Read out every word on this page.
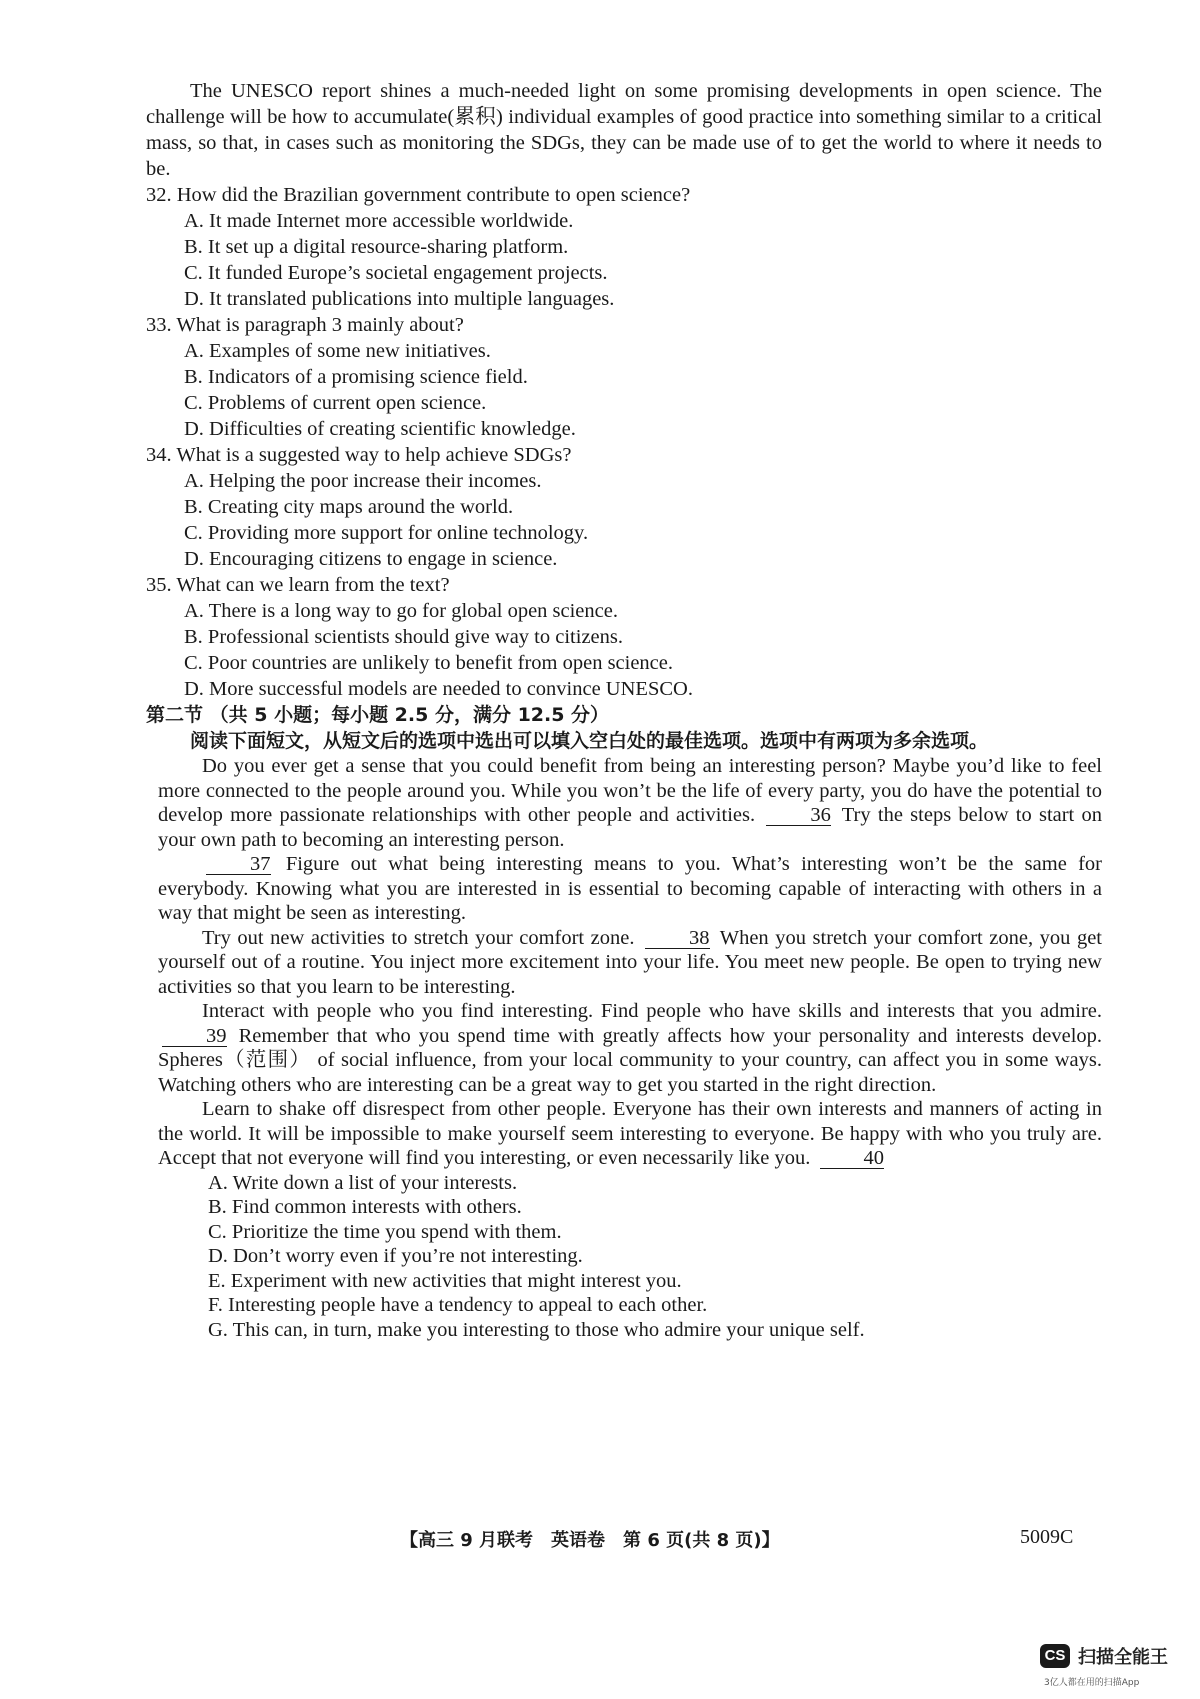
The UNESCO report shines a much-needed light on some promising developments in open science. The challenge will be how to accumulate(累积) individual examples of good practice into something similar to a critical mass, so that, in cases such as monitoring the SDGs, they can be made use of to get the world to where it needs to be.

32. How did the Brazilian government contribute to open science?
A. It made Internet more accessible worldwide.
B. It set up a digital resource-sharing platform.
C. It funded Europe’s societal engagement projects.
D. It translated publications into multiple languages.
33. What is paragraph 3 mainly about?
A. Examples of some new initiatives.
B. Indicators of a promising science field.
C. Problems of current open science.
D. Difficulties of creating scientific knowledge.
34. What is a suggested way to help achieve SDGs?
A. Helping the poor increase their incomes.
B. Creating city maps around the world.
C. Providing more support for online technology.
D. Encouraging citizens to engage in science.
35. What can we learn from the text?
A. There is a long way to go for global open science.
B. Professional scientists should give way to citizens.
C. Poor countries are unlikely to benefit from open science.
D. More successful models are needed to convince UNESCO.
第二节 （共 5 小题；每小题 2.5 分，满分 12.5 分）
阅读下面短文，从短文后的选项中选出可以填入空白处的最佳选项。选项中有两项为多余选项。

Do you ever get a sense that you could benefit from being an interesting person? Maybe you’d like to feel more connected to the people around you. While you won’t be the life of every party, you do have the potential to develop more passionate relationships with other people and activities.	36 Try the steps below to start on your own path to becoming an interesting person.

37 Figure out what being interesting means to you. What’s interesting won’t be the same for everybody. Knowing what you are interested in is essential to becoming capable of interacting with others in a way that might be seen as interesting.

Try out new activities to stretch your comfort zone.	38 When you stretch your comfort zone, you get yourself out of a routine. You inject more excitement into your life. You meet new people. Be open to trying new activities so that you learn to be interesting.

Interact with people who you find interesting. Find people who have skills and interests that you admire. 39 Remember that who you spend time with greatly affects how your personality and interests develop. Spheres（范围） of social influence, from your local community to your country, can affect you in some ways. Watching others who are interesting can be a great way to get you started in the right direction.

Learn to shake off disrespect from other people. Everyone has their own interests and manners of acting in the world. It will be impossible to make yourself seem interesting to everyone. Be happy with who you truly are. Accept that not everyone will find you interesting, or even necessarily like you.	40

A. Write down a list of your interests.
B. Find common interests with others.
C. Prioritize the time you spend with them.
D. Don’t worry even if you’re not interesting.
E. Experiment with new activities that might interest you.
F. Interesting people have a tendency to appeal to each other.
G. This can, in turn, make you interesting to those who admire your unique self.
【高三 9 月联考　英语卷　第 6 页(共 8 页)】	5009C
CS 扫描全能王
3亿人都在用的扫描App
